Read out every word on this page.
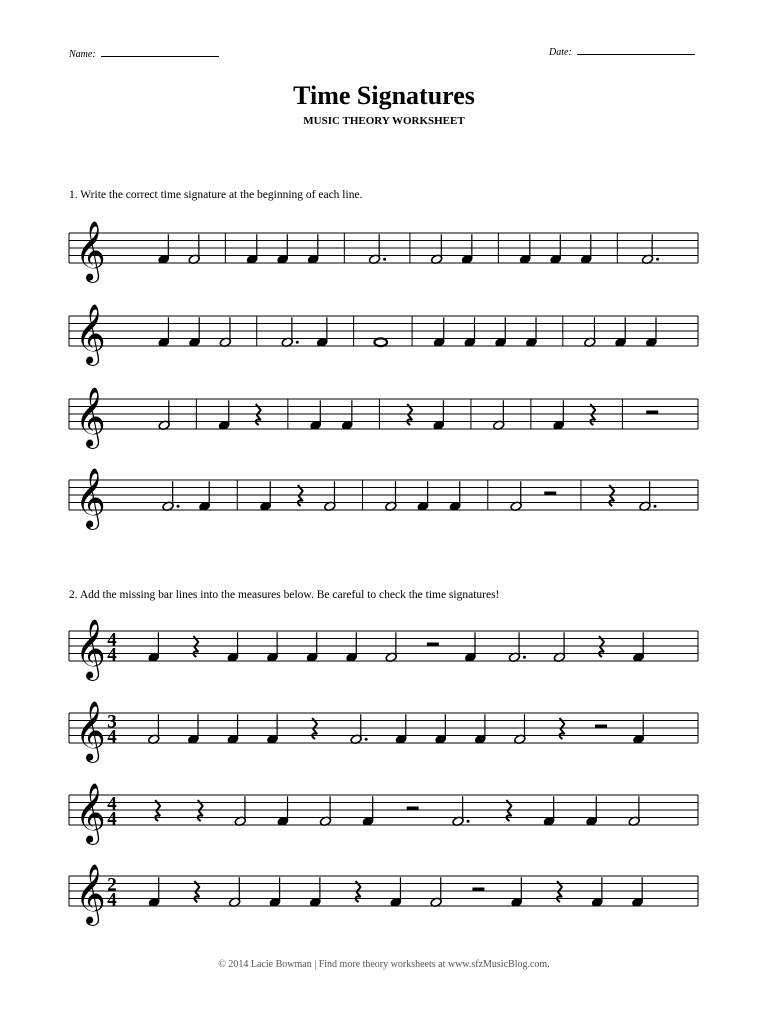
Name:	Date:
Time Signatures
MUSIC THEORY WORKSHEET
1. Write the correct time signature at the beginning of each line.
2. Add the missing bar lines into the measures below. Be careful to check the time signatures!
𝄞
𝄞
𝄞
𝄞
𝄞 4
4
𝄞 3
4
𝄞 4
4
𝄞 2
4
© 2014 Lacie Bowman | Find more theory worksheets at www.sfzMusicBlog.com.
